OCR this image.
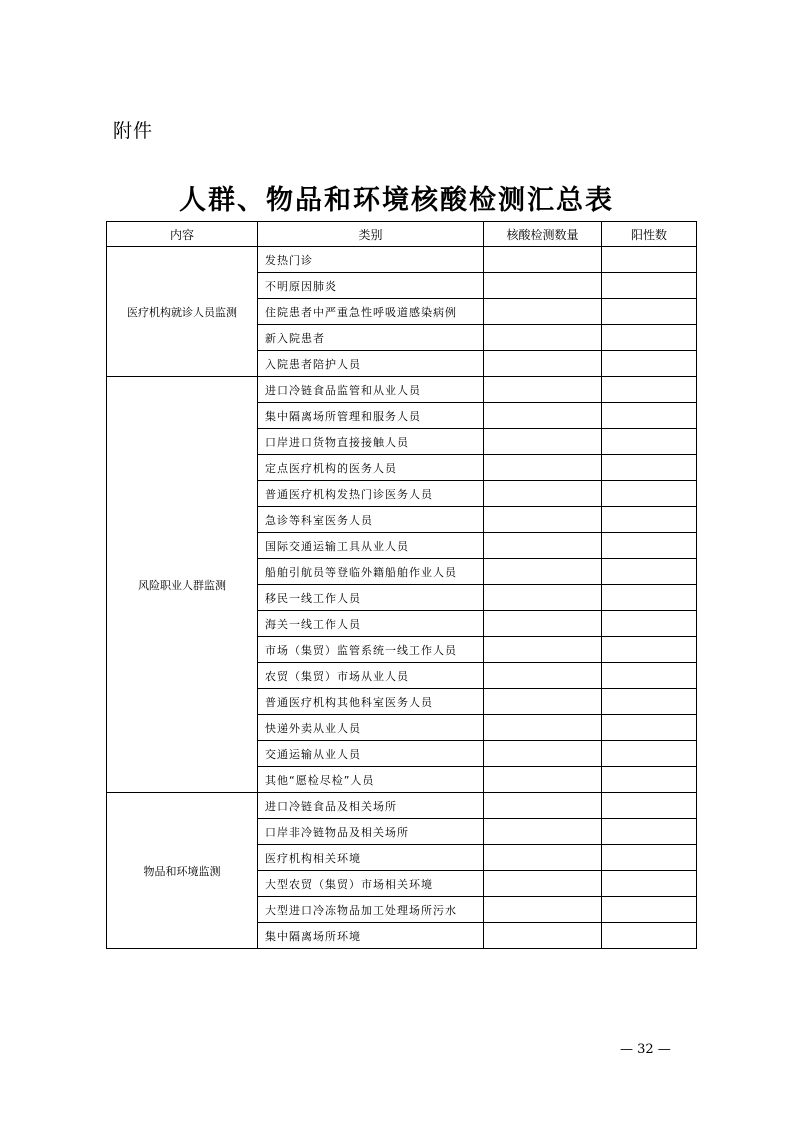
附件
人群、物品和环境核酸检测汇总表
内容	类别	核酸检测数量	阳性数
医疗机构就诊人员监测	发热门诊		
	不明原因肺炎		
	住院患者中严重急性呼吸道感染病例		
	新入院患者		
	入院患者陪护人员		
风险职业人群监测	进口冷链食品监管和从业人员		
	集中隔离场所管理和服务人员		
	口岸进口货物直接接触人员		
	定点医疗机构的医务人员		
	普通医疗机构发热门诊医务人员		
	急诊等科室医务人员		
	国际交通运输工具从业人员		
	船舶引航员等登临外籍船舶作业人员		
	移民一线工作人员		
	海关一线工作人员		
	市场（集贸）监管系统一线工作人员		
	农贸（集贸）市场从业人员		
	普通医疗机构其他科室医务人员		
	快递外卖从业人员		
	交通运输从业人员		
	其他“愿检尽检”人员		
物品和环境监测	进口冷链食品及相关场所		
	口岸非冷链物品及相关场所		
	医疗机构相关环境		
	大型农贸（集贸）市场相关环境		
	大型进口冷冻物品加工处理场所污水		
	集中隔离场所环境		
— 32 —
